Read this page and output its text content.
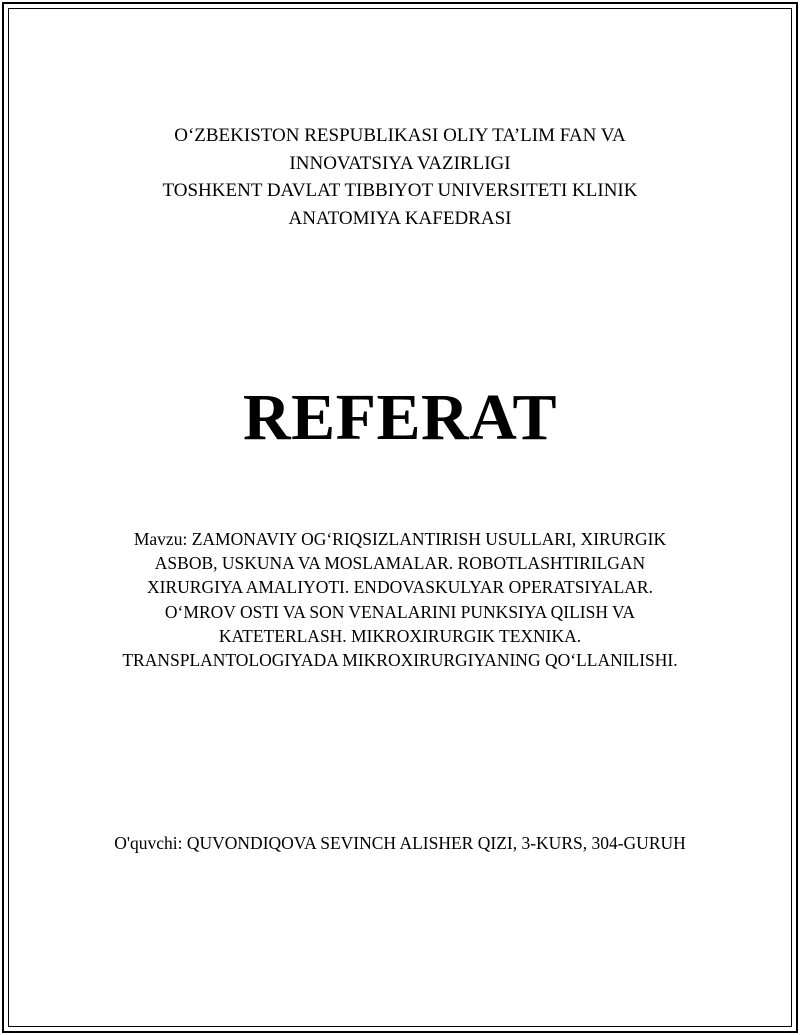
O‘ZBEKISTON RESPUBLIKASI OLIY TA’LIM FAN VA
INNOVATSIYA VAZIRLIGI
TOSHKENT DAVLAT TIBBIYOT UNIVERSITETI KLINIK
ANATOMIYA KAFEDRASI
REFERAT
Mavzu: ZAMONAVIY OG‘RIQSIZLANTIRISH USULLARI, XIRURGIK ASBOB, USKUNA VA MOSLAMALAR. ROBOTLASHTIRILGAN XIRURGIYA AMALIYOTI. ENDOVASKULYAR OPERATSIYALAR. O‘MROV OSTI VA SON VENALARINI PUNKSIYA QILISH VA KATETERLASH. MIKROXIRURGIK TEXNIKA. TRANSPLANTOLOGIYADA MIKROXIRURGIYANING QO‘LLANILISHI.
O'quvchi: QUVONDIQOVA SEVINCH ALISHER QIZI, 3-KURS, 304-GURUH
